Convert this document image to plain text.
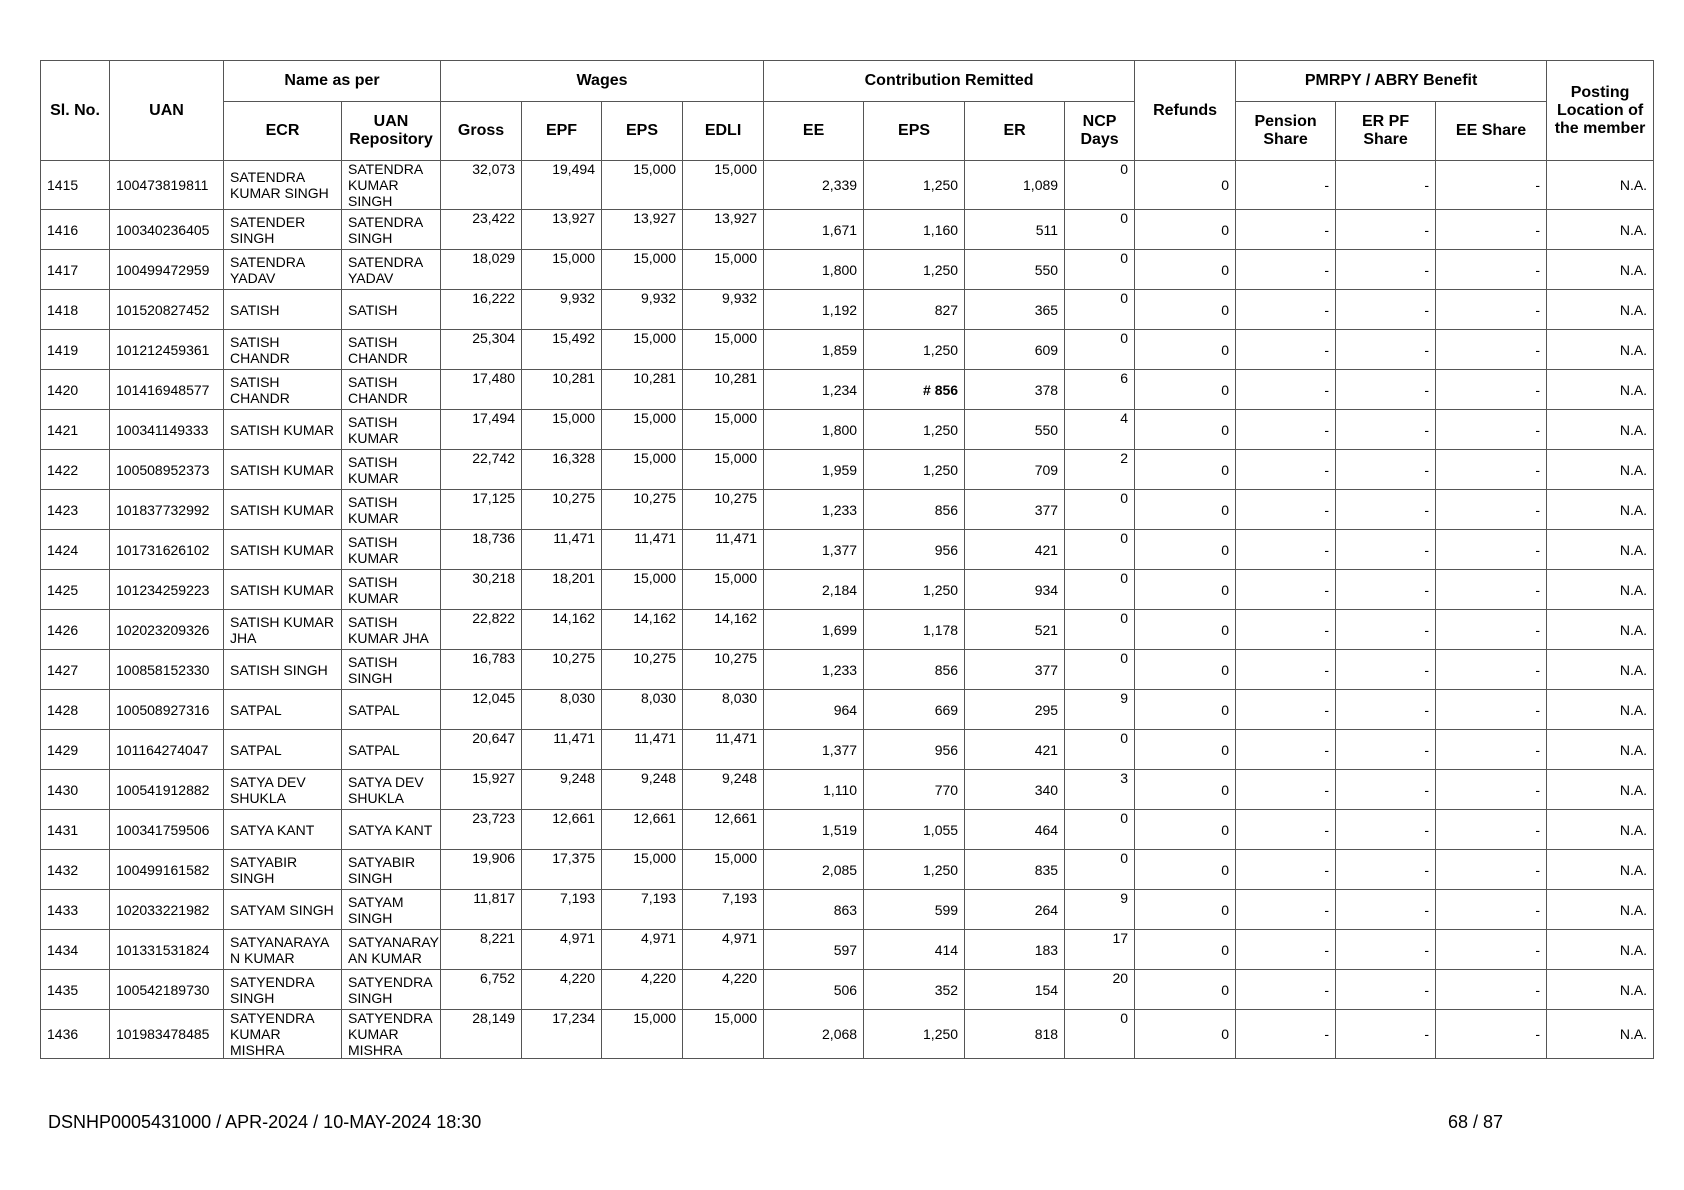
Sl. No.	UAN	Name as per		Wages				Contribution Remitted				Refunds	PMRPY / ABRY Benefit			Posting Location of the member
		ECR	UAN Repository	Gross	EPF	EPS	EDLI	EE	EPS	ER	NCP Days		Pension Share	ER PF Share	EE Share	
1415	100473819811	SATENDRA KUMAR SINGH	SATENDRA KUMAR SINGH	32,073	19,494	15,000	15,000	2,339	1,250	1,089	0	0	-	-	-	N.A.
1416	100340236405	SATENDER SINGH	SATENDRA SINGH	23,422	13,927	13,927	13,927	1,671	1,160	511	0	0	-	-	-	N.A.
1417	100499472959	SATENDRA YADAV	SATENDRA YADAV	18,029	15,000	15,000	15,000	1,800	1,250	550	0	0	-	-	-	N.A.
1418	101520827452	SATISH	SATISH	16,222	9,932	9,932	9,932	1,192	827	365	0	0	-	-	-	N.A.
1419	101212459361	SATISH CHANDR	SATISH CHANDR	25,304	15,492	15,000	15,000	1,859	1,250	609	0	0	-	-	-	N.A.
1420	101416948577	SATISH CHANDR	SATISH CHANDR	17,480	10,281	10,281	10,281	1,234	# 856	378	6	0	-	-	-	N.A.
1421	100341149333	SATISH KUMAR	SATISH KUMAR	17,494	15,000	15,000	15,000	1,800	1,250	550	4	0	-	-	-	N.A.
1422	100508952373	SATISH KUMAR	SATISH KUMAR	22,742	16,328	15,000	15,000	1,959	1,250	709	2	0	-	-	-	N.A.
1423	101837732992	SATISH KUMAR	SATISH KUMAR	17,125	10,275	10,275	10,275	1,233	856	377	0	0	-	-	-	N.A.
1424	101731626102	SATISH KUMAR	SATISH KUMAR	18,736	11,471	11,471	11,471	1,377	956	421	0	0	-	-	-	N.A.
1425	101234259223	SATISH KUMAR	SATISH KUMAR	30,218	18,201	15,000	15,000	2,184	1,250	934	0	0	-	-	-	N.A.
1426	102023209326	SATISH KUMAR JHA	SATISH KUMAR JHA	22,822	14,162	14,162	14,162	1,699	1,178	521	0	0	-	-	-	N.A.
1427	100858152330	SATISH SINGH	SATISH SINGH	16,783	10,275	10,275	10,275	1,233	856	377	0	0	-	-	-	N.A.
1428	100508927316	SATPAL	SATPAL	12,045	8,030	8,030	8,030	964	669	295	9	0	-	-	-	N.A.
1429	101164274047	SATPAL	SATPAL	20,647	11,471	11,471	11,471	1,377	956	421	0	0	-	-	-	N.A.
1430	100541912882	SATYA DEV SHUKLA	SATYA DEV SHUKLA	15,927	9,248	9,248	9,248	1,110	770	340	3	0	-	-	-	N.A.
1431	100341759506	SATYA KANT	SATYA KANT	23,723	12,661	12,661	12,661	1,519	1,055	464	0	0	-	-	-	N.A.
1432	100499161582	SATYABIR SINGH	SATYABIR SINGH	19,906	17,375	15,000	15,000	2,085	1,250	835	0	0	-	-	-	N.A.
1433	102033221982	SATYAM SINGH	SATYAM SINGH	11,817	7,193	7,193	7,193	863	599	264	9	0	-	-	-	N.A.
1434	101331531824	SATYANARAYA N KUMAR	SATYANARAY AN KUMAR	8,221	4,971	4,971	4,971	597	414	183	17	0	-	-	-	N.A.
1435	100542189730	SATYENDRA SINGH	SATYENDRA SINGH	6,752	4,220	4,220	4,220	506	352	154	20	0	-	-	-	N.A.
1436	101983478485	SATYENDRA KUMAR MISHRA	SATYENDRA KUMAR MISHRA	28,149	17,234	15,000	15,000	2,068	1,250	818	0	0	-	-	-	N.A.
DSNHP0005431000 / APR-2024 / 10-MAY-2024 18:30	68 / 87
